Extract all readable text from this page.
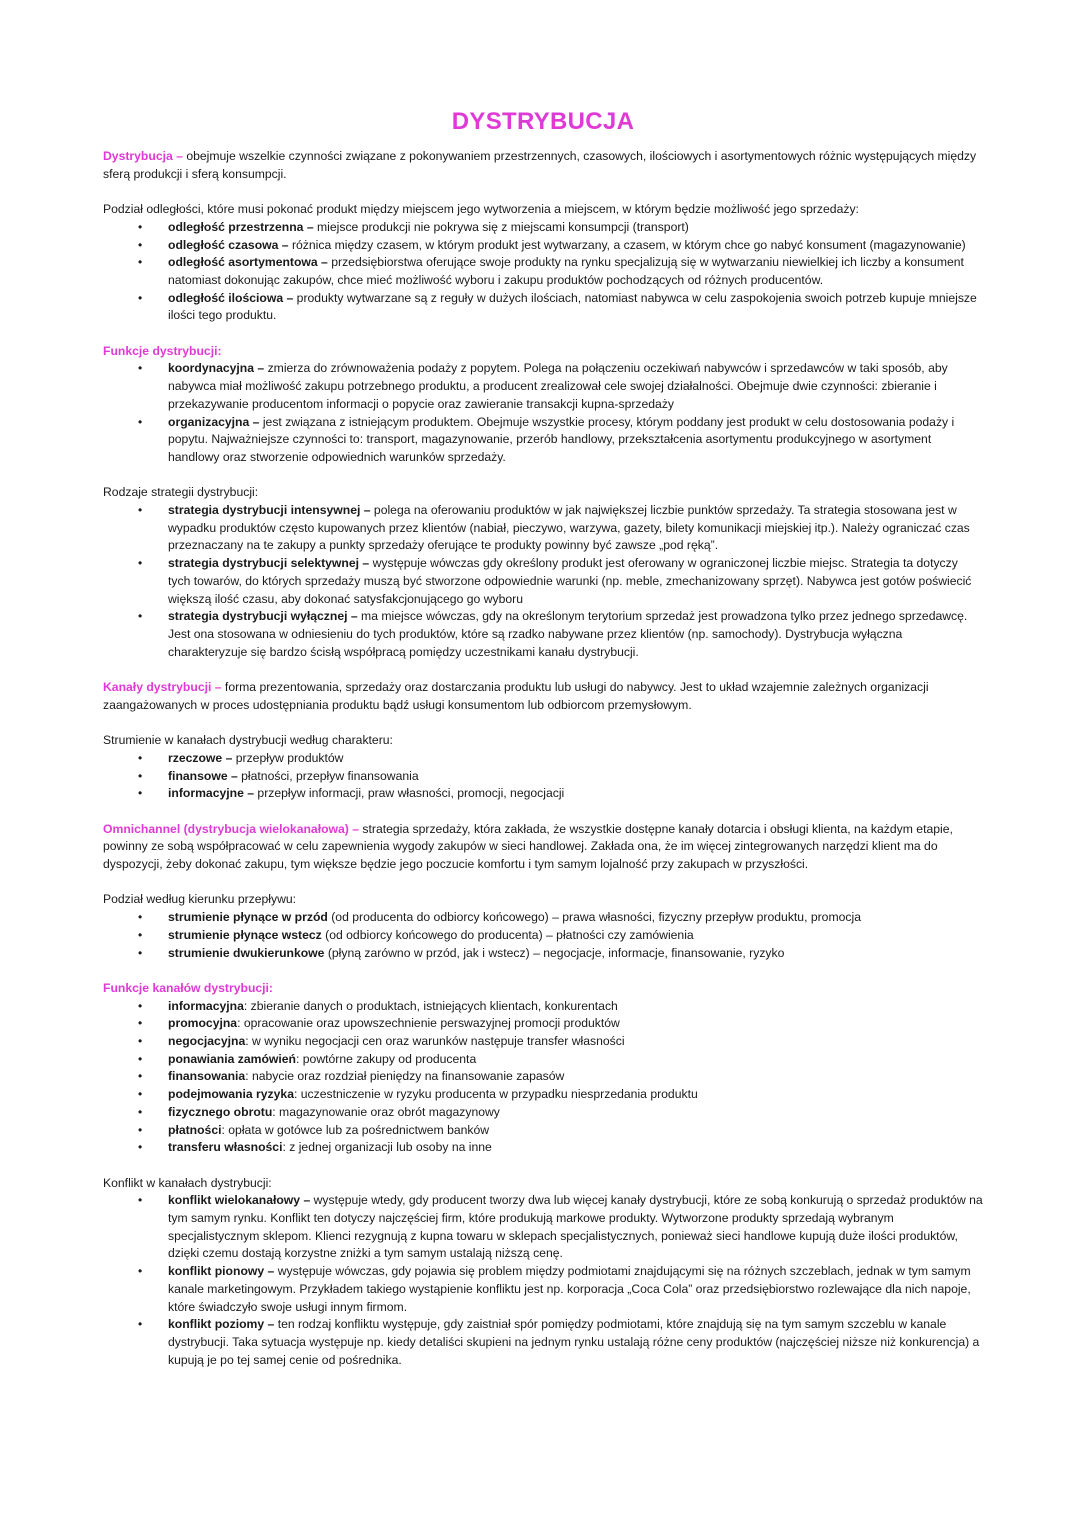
DYSTRYBUCJA

Dystrybucja – obejmuje wszelkie czynności związane z pokonywaniem przestrzennych, czasowych, ilościowych i asortymentowych różnic występujących między sferą produkcji i sferą konsumpcji.

Podział odległości, które musi pokonać produkt między miejscem jego wytworzenia a miejscem, w którym będzie możliwość jego sprzedaży:

• odległość przestrzenna – miejsce produkcji nie pokrywa się z miejscami konsumpcji (transport)
• odległość czasowa – różnica między czasem, w którym produkt jest wytwarzany, a czasem, w którym chce go nabyć konsument (magazynowanie)
• odległość asortymentowa – przedsiębiorstwa oferujące swoje produkty na rynku specjalizują się w wytwarzaniu niewielkiej ich liczby a konsument natomiast dokonując zakupów, chce mieć możliwość wyboru i zakupu produktów pochodzących od różnych producentów.
• odległość ilościowa – produkty wytwarzane są z reguły w dużych ilościach, natomiast nabywca w celu zaspokojenia swoich potrzeb kupuje mniejsze ilości tego produktu.

Funkcje dystrybucji:

• koordynacyjna – zmierza do zrównoważenia podaży z popytem. Polega na połączeniu oczekiwań nabywców i sprzedawców w taki sposób, aby nabywca miał możliwość zakupu potrzebnego produktu, a producent zrealizował cele swojej działalności. Obejmuje dwie czynności: zbieranie i przekazywanie producentom informacji o popycie oraz zawieranie transakcji kupna-sprzedaży
• organizacyjna – jest związana z istniejącym produktem. Obejmuje wszystkie procesy, którym poddany jest produkt w celu dostosowania podaży i popytu. Najważniejsze czynności to: transport, magazynowanie, przerób handlowy, przekształcenia asortymentu produkcyjnego w asortyment handlowy oraz stworzenie odpowiednich warunków sprzedaży.

Rodzaje strategii dystrybucji:

• strategia dystrybucji intensywnej – polega na oferowaniu produktów w jak największej liczbie punktów sprzedaży. Ta strategia stosowana jest w wypadku produktów często kupowanych przez klientów (nabiał, pieczywo, warzywa, gazety, bilety komunikacji miejskiej itp.). Należy ograniczać czas przeznaczany na te zakupy a punkty sprzedaży oferujące te produkty powinny być zawsze „pod ręką”.
• strategia dystrybucji selektywnej – występuje wówczas gdy określony produkt jest oferowany w ograniczonej liczbie miejsc. Strategia ta dotyczy tych towarów, do których sprzedaży muszą być stworzone odpowiednie warunki (np. meble, zmechanizowany sprzęt). Nabywca jest gotów poświecić większą ilość czasu, aby dokonać satysfakcjonującego go wyboru
• strategia dystrybucji wyłącznej – ma miejsce wówczas, gdy na określonym terytorium sprzedaż jest prowadzona tylko przez jednego sprzedawcę. Jest ona stosowana w odniesieniu do tych produktów, które są rzadko nabywane przez klientów (np. samochody). Dystrybucja wyłączna charakteryzuje się bardzo ścisłą współpracą pomiędzy uczestnikami kanału dystrybucji.

Kanały dystrybucji – forma prezentowania, sprzedaży oraz dostarczania produktu lub usługi do nabywcy. Jest to układ wzajemnie zależnych organizacji zaangażowanych w proces udostępniania produktu bądź usługi konsumentom lub odbiorcom przemysłowym.

Strumienie w kanałach dystrybucji według charakteru:

• rzeczowe – przepływ produktów
• finansowe – płatności, przepływ finansowania
• informacyjne – przepływ informacji, praw własności, promocji, negocjacji

Omnichannel (dystrybucja wielokanałowa) – strategia sprzedaży, która zakłada, że wszystkie dostępne kanały dotarcia i obsługi klienta, na każdym etapie, powinny ze sobą współpracować w celu zapewnienia wygody zakupów w sieci handlowej. Zakłada ona, że im więcej zintegrowanych narzędzi klient ma do dyspozycji, żeby dokonać zakupu, tym większe będzie jego poczucie komfortu i tym samym lojalność przy zakupach w przyszłości.

Podział według kierunku przepływu:

• strumienie płynące w przód (od producenta do odbiorcy końcowego) – prawa własności, fizyczny przepływ produktu, promocja
• strumienie płynące wstecz (od odbiorcy końcowego do producenta) – płatności czy zamówienia
• strumienie dwukierunkowe (płyną zarówno w przód, jak i wstecz) – negocjacje, informacje, finansowanie, ryzyko

Funkcje kanałów dystrybucji:

• informacyjna: zbieranie danych o produktach, istniejących klientach, konkurentach
• promocyjna: opracowanie oraz upowszechnienie perswazyjnej promocji produktów
• negocjacyjna: w wyniku negocjacji cen oraz warunków następuje transfer własności
• ponawiania zamówień: powtórne zakupy od producenta
• finansowania: nabycie oraz rozdział pieniędzy na finansowanie zapasów
• podejmowania ryzyka: uczestniczenie w ryzyku producenta w przypadku niesprzedania produktu
• fizycznego obrotu: magazynowanie oraz obrót magazynowy
• płatności: opłata w gotówce lub za pośrednictwem banków
• transferu własności: z jednej organizacji lub osoby na inne

Konflikt w kanałach dystrybucji:

• konflikt wielokanałowy – występuje wtedy, gdy producent tworzy dwa lub więcej kanały dystrybucji, które ze sobą konkurują o sprzedaż produktów na tym samym rynku. Konflikt ten dotyczy najczęściej firm, które produkują markowe produkty. Wytworzone produkty sprzedają wybranym specjalistycznym sklepom. Klienci rezygnują z kupna towaru w sklepach specjalistycznych, ponieważ sieci handlowe kupują duże ilości produktów, dzięki czemu dostają korzystne zniżki a tym samym ustalają niższą cenę.
• konflikt pionowy – występuje wówczas, gdy pojawia się problem między podmiotami znajdującymi się na różnych szczeblach, jednak w tym samym kanale marketingowym. Przykładem takiego wystąpienie konfliktu jest np. korporacja „Coca Cola” oraz przedsiębiorstwo rozlewające dla nich napoje, które świadczyło swoje usługi innym firmom.
• konflikt poziomy – ten rodzaj konfliktu występuje, gdy zaistniał spór pomiędzy podmiotami, które znajdują się na tym samym szczeblu w kanale dystrybucji. Taka sytuacja występuje np. kiedy detaliści skupieni na jednym rynku ustalają różne ceny produktów (najczęściej niższe niż konkurencja) a kupują je po tej samej cenie od pośrednika.
